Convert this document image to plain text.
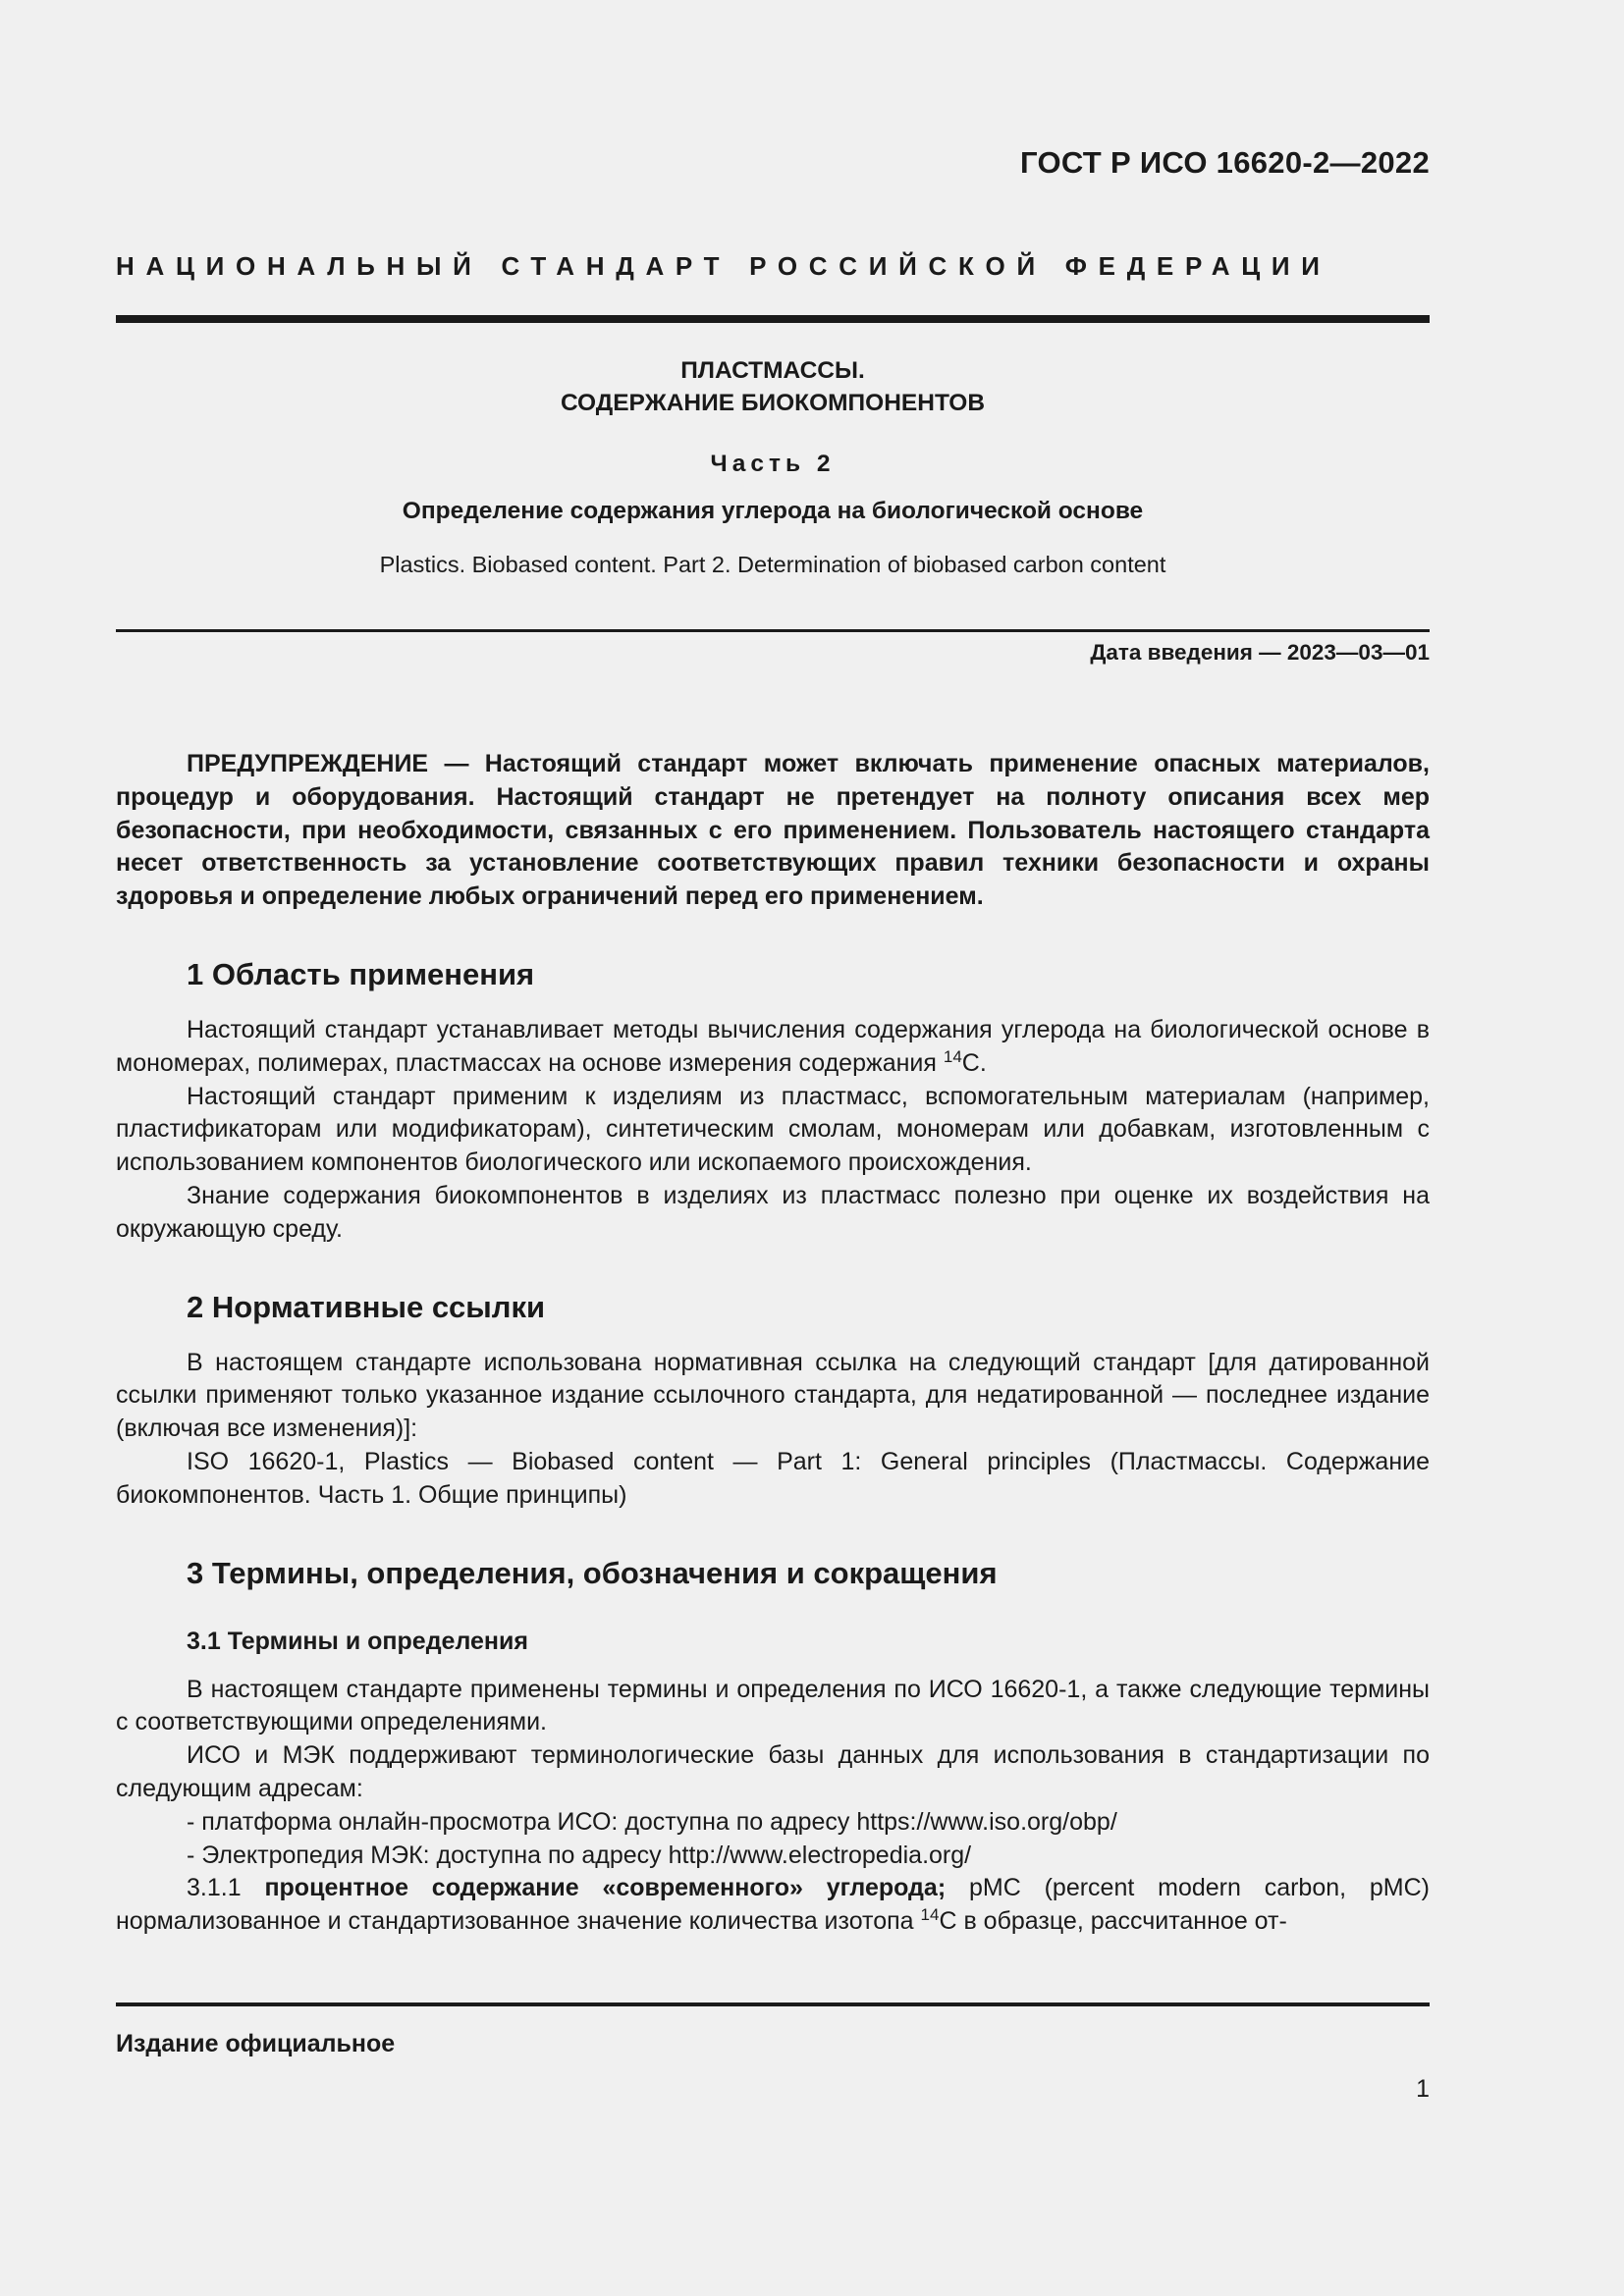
ГОСТ Р ИСО 16620-2—2022
НАЦИОНАЛЬНЫЙ СТАНДАРТ РОССИЙСКОЙ ФЕДЕРАЦИИ
ПЛАСТМАССЫ.
СОДЕРЖАНИЕ БИОКОМПОНЕНТОВ
Часть 2
Определение содержания углерода на биологической основе
Plastics. Biobased content. Part 2. Determination of biobased carbon content
Дата введения — 2023—03—01

ПРЕДУПРЕЖДЕНИЕ — Настоящий стандарт может включать применение опасных материалов, процедур и оборудования. Настоящий стандарт не претендует на полноту описания всех мер безопасности, при необходимости, связанных с его применением. Пользователь настоящего стандарта несет ответственность за установление соответствующих правил техники безопасности и охраны здоровья и определение любых ограничений перед его применением.

1 Область применения

Настоящий стандарт устанавливает методы вычисления содержания углерода на биологической основе в мономерах, полимерах, пластмассах на основе измерения содержания $^{14}$С.

Настоящий стандарт применим к изделиям из пластмасс, вспомогательным материалам (например, пластификаторам или модификаторам), синтетическим смолам, мономерам или добавкам, изготовленным с использованием компонентов биологического или ископаемого происхождения.

Знание содержания биокомпонентов в изделиях из пластмасс полезно при оценке их воздействия на окружающую среду.

2 Нормативные ссылки

В настоящем стандарте использована нормативная ссылка на следующий стандарт [для датированной ссылки применяют только указанное издание ссылочного стандарта, для недатированной — последнее издание (включая все изменения)]:

ISO 16620-1, Plastics — Biobased content — Part 1: General principles (Пластмассы. Содержание биокомпонентов. Часть 1. Общие принципы)

3 Термины, определения, обозначения и сокращения
3.1 Термины и определения

В настоящем стандарте применены термины и определения по ИСО 16620-1, а также следующие термины с соответствующими определениями.

ИСО и МЭК поддерживают терминологические базы данных для использования в стандартизации по следующим адресам:

- платформа онлайн-просмотра ИСО: доступна по адресу https://www.iso.org/obp/

- Электропедия МЭК: доступна по адресу http://www.electropedia.org/

3.1.1 процентное содержание «современного» углерода; pMC (percent modern carbon, pMC) нормализованное и стандартизованное значение количества изотопа $^{14}$С в образце, рассчитанное от-

Издание официальное
1
